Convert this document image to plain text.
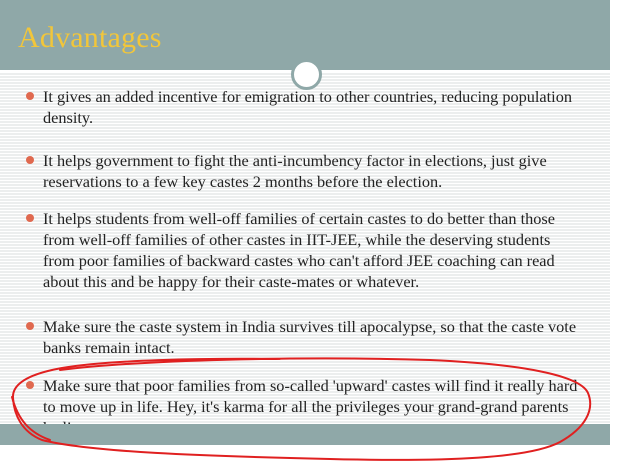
Advantages
It gives an added incentive for emigration to other countries, reducing population density.
It helps government to fight the anti-incumbency factor in elections, just give reservations to a few key castes 2 months before the election.
It helps students from well-off families of certain castes to do better than those from well-off families of other castes in IIT-JEE, while the deserving students from poor families of backward castes who can't afford JEE coaching can read about this and be happy for their caste-mates or whatever.
Make sure the caste system in India survives till apocalypse, so that the caste vote banks remain intact.
Make sure that poor families from so-called 'upward' castes will find it really hard to move up in life. Hey, it's karma for all the privileges your grand-grand parents
